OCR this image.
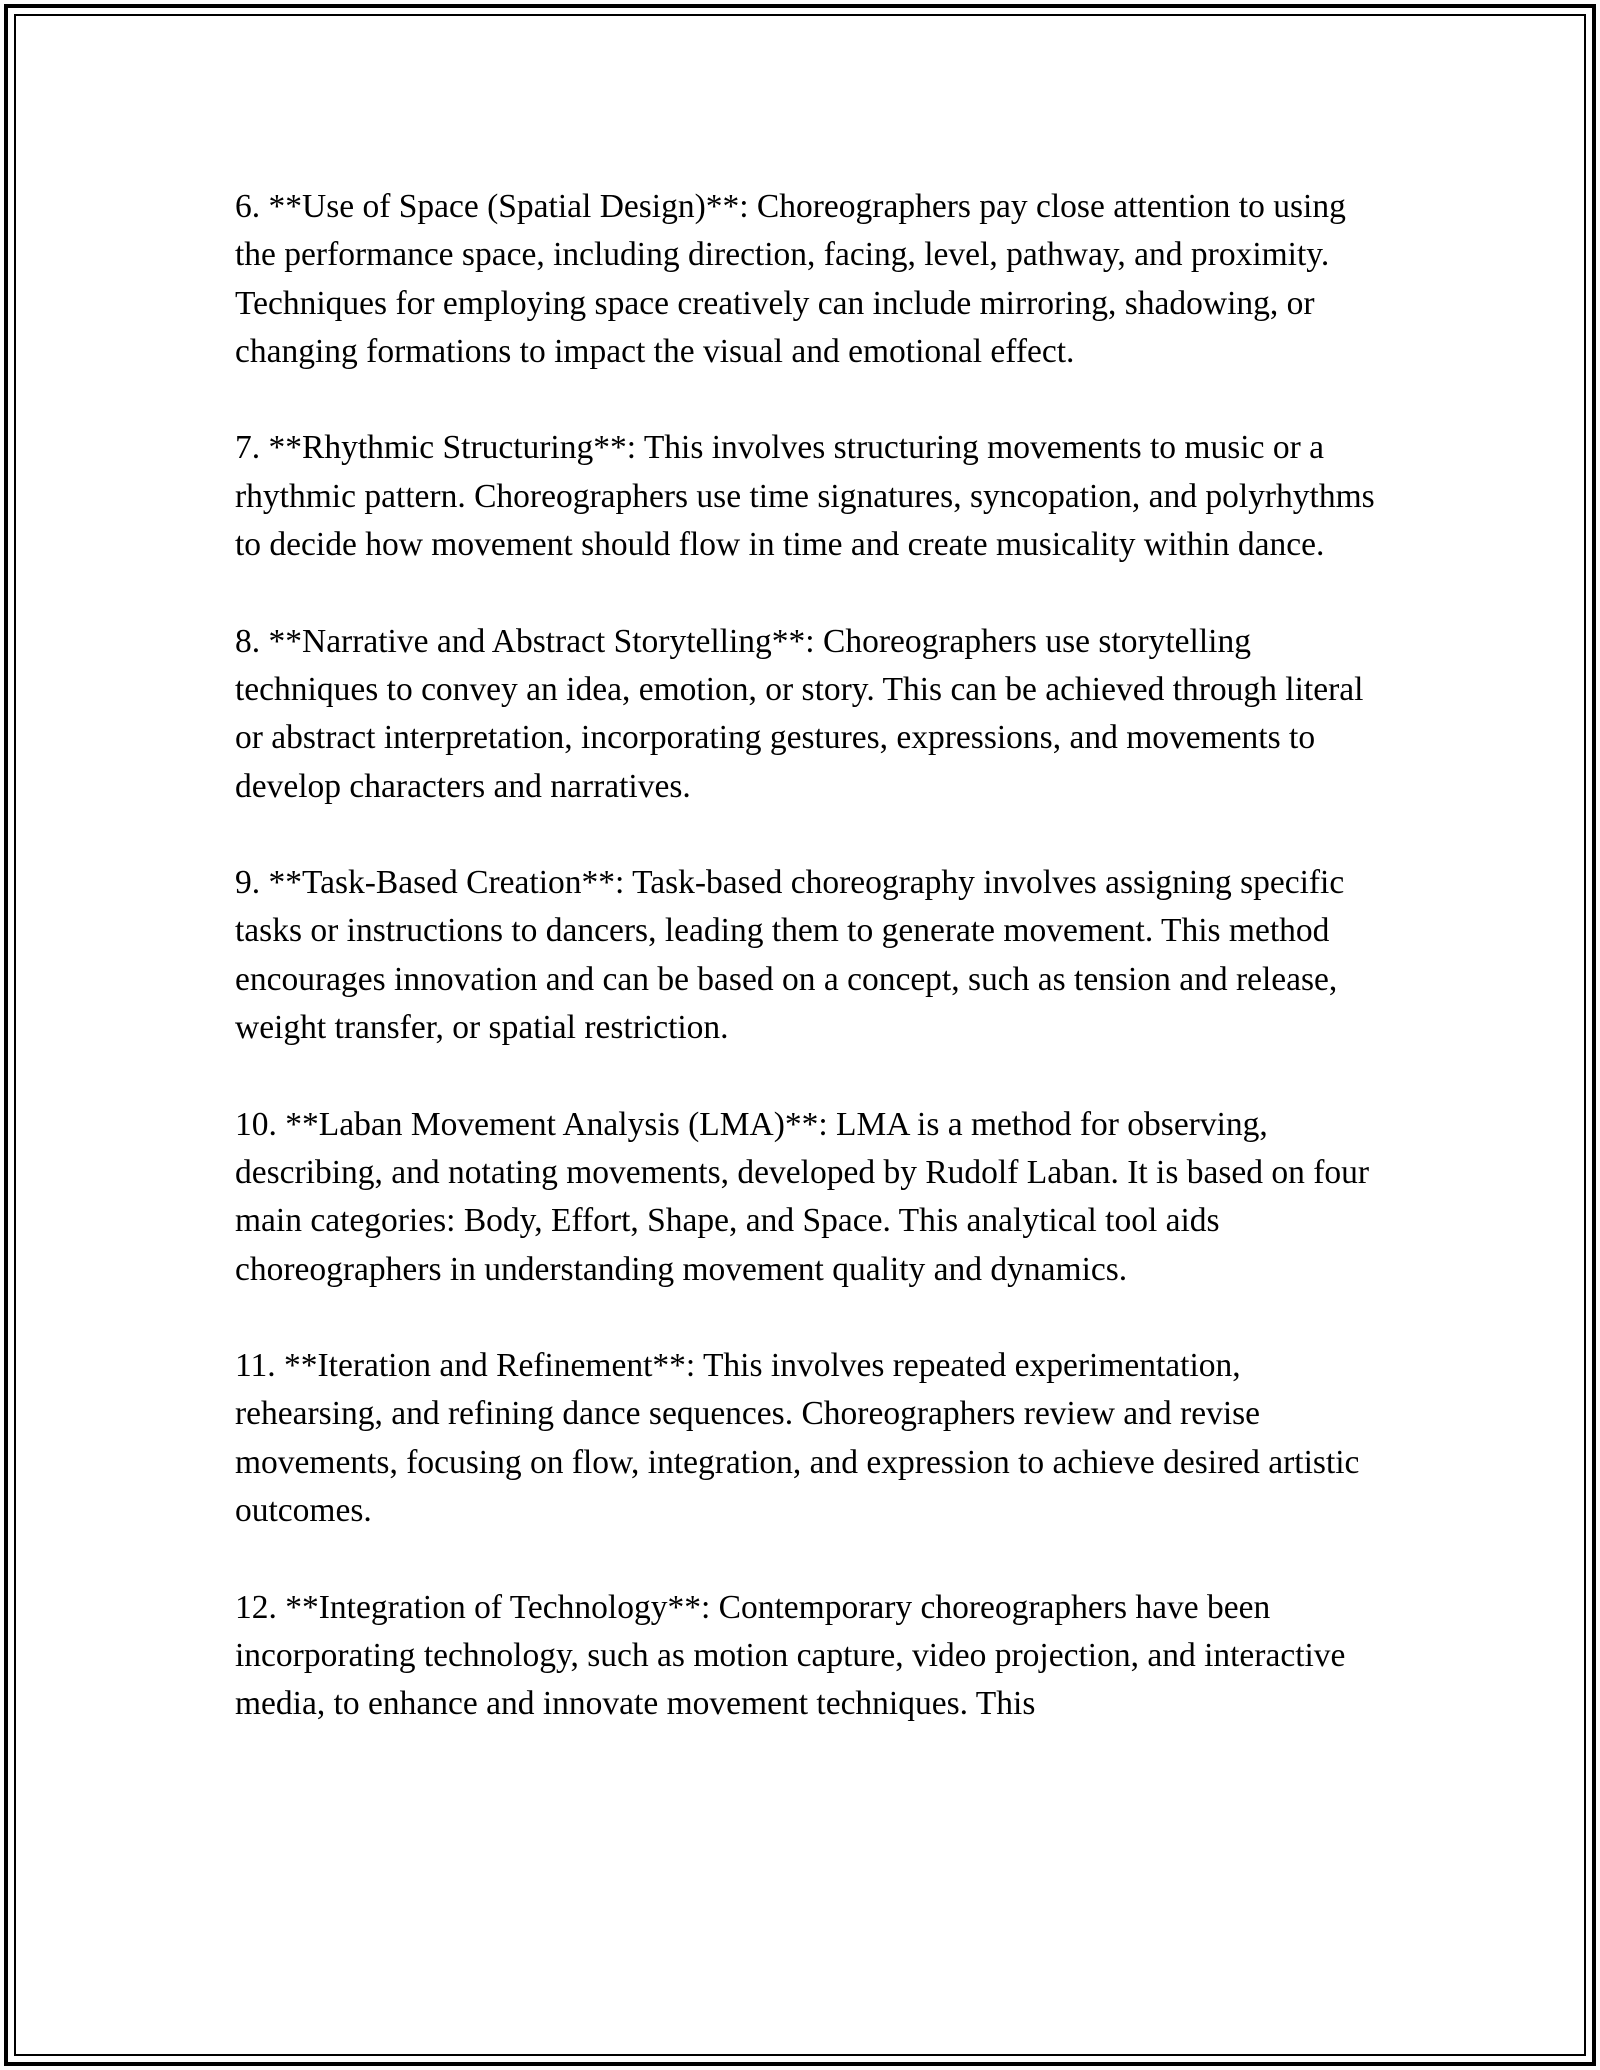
6. **Use of Space (Spatial Design)**: Choreographers pay close attention to using the performance space, including direction, facing, level, pathway, and proximity. Techniques for employing space creatively can include mirroring, shadowing, or changing formations to impact the visual and emotional effect.

7. **Rhythmic Structuring**: This involves structuring movements to music or a rhythmic pattern. Choreographers use time signatures, syncopation, and polyrhythms to decide how movement should flow in time and create musicality within dance.

8. **Narrative and Abstract Storytelling**: Choreographers use storytelling techniques to convey an idea, emotion, or story. This can be achieved through literal or abstract interpretation, incorporating gestures, expressions, and movements to develop characters and narratives.

9. **Task-Based Creation**: Task-based choreography involves assigning specific tasks or instructions to dancers, leading them to generate movement. This method encourages innovation and can be based on a concept, such as tension and release, weight transfer, or spatial restriction.

10. **Laban Movement Analysis (LMA)**: LMA is a method for observing, describing, and notating movements, developed by Rudolf Laban. It is based on four main categories: Body, Effort, Shape, and Space. This analytical tool aids choreographers in understanding movement quality and dynamics.

11. **Iteration and Refinement**: This involves repeated experimentation, rehearsing, and refining dance sequences. Choreographers review and revise movements, focusing on flow, integration, and expression to achieve desired artistic outcomes.

12. **Integration of Technology**: Contemporary choreographers have been incorporating technology, such as motion capture, video projection, and interactive media, to enhance and innovate movement techniques. This
